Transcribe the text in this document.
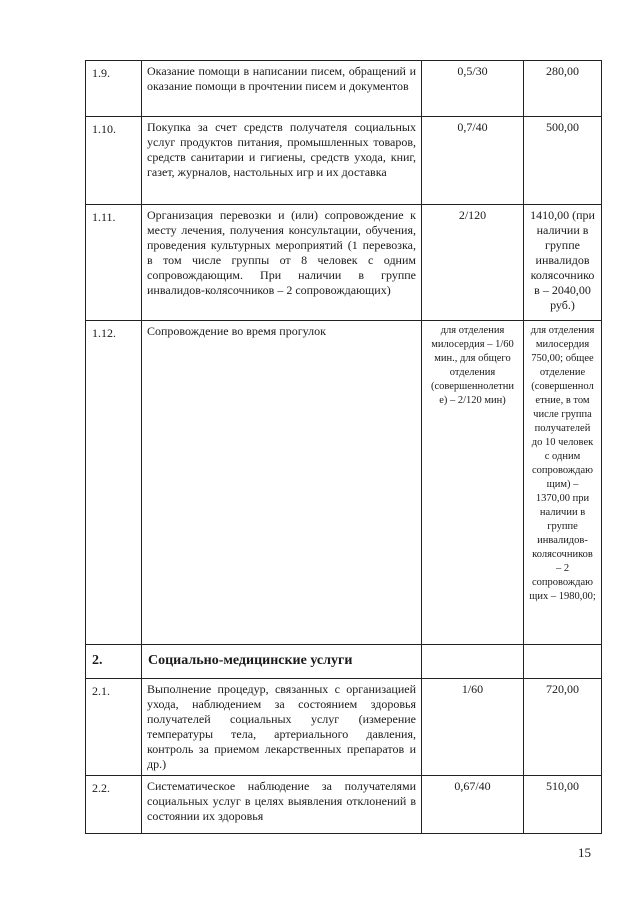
1.9.	Оказание помощи в написании писем, обращений и оказание помощи в прочтении писем и документов	0,5/30	280,00
1.10.	Покупка за счет средств получателя социальных услуг продуктов питания, промышленных товаров, средств санитарии и гигиены, средств ухода, книг, газет, журналов, настольных игр и их доставка	0,7/40	500,00
1.11.	Организация перевозки и (или) сопровождение к месту лечения, получения консультации, обучения, проведения культурных мероприятий (1 перевозка, в том числе группы от 8 человек с одним сопровождающим. При наличии в группе инвалидов-колясочников – 2 сопровождающих)	2/120	1410,00 (при наличии в группе инвалидов колясочнико в – 2040,00 руб.)
1.12.	Сопровождение во время прогулок	для отделения милосердия – 1/60 мин., для общего отделения (совершеннолетни е) – 2/120 мин)	для отделения милосердия 750,00; общее отделение (совершеннол етние, в том числе группа получателей до 10 человек с одним сопровождаю щим) – 1370,00 при наличии в группе инвалидов-колясочников – 2 сопровождаю щих – 1980,00;
2.	Социально-медицинские услуги		
2.1.	Выполнение процедур, связанных с организацией ухода, наблюдением за состоянием здоровья получателей социальных услуг (измерение температуры тела, артериального давления, контроль за приемом лекарственных препаратов и др.)	1/60	720,00
2.2.	Систематическое наблюдение за получателями социальных услуг в целях выявления отклонений в состоянии их здоровья	0,67/40	510,00
15
